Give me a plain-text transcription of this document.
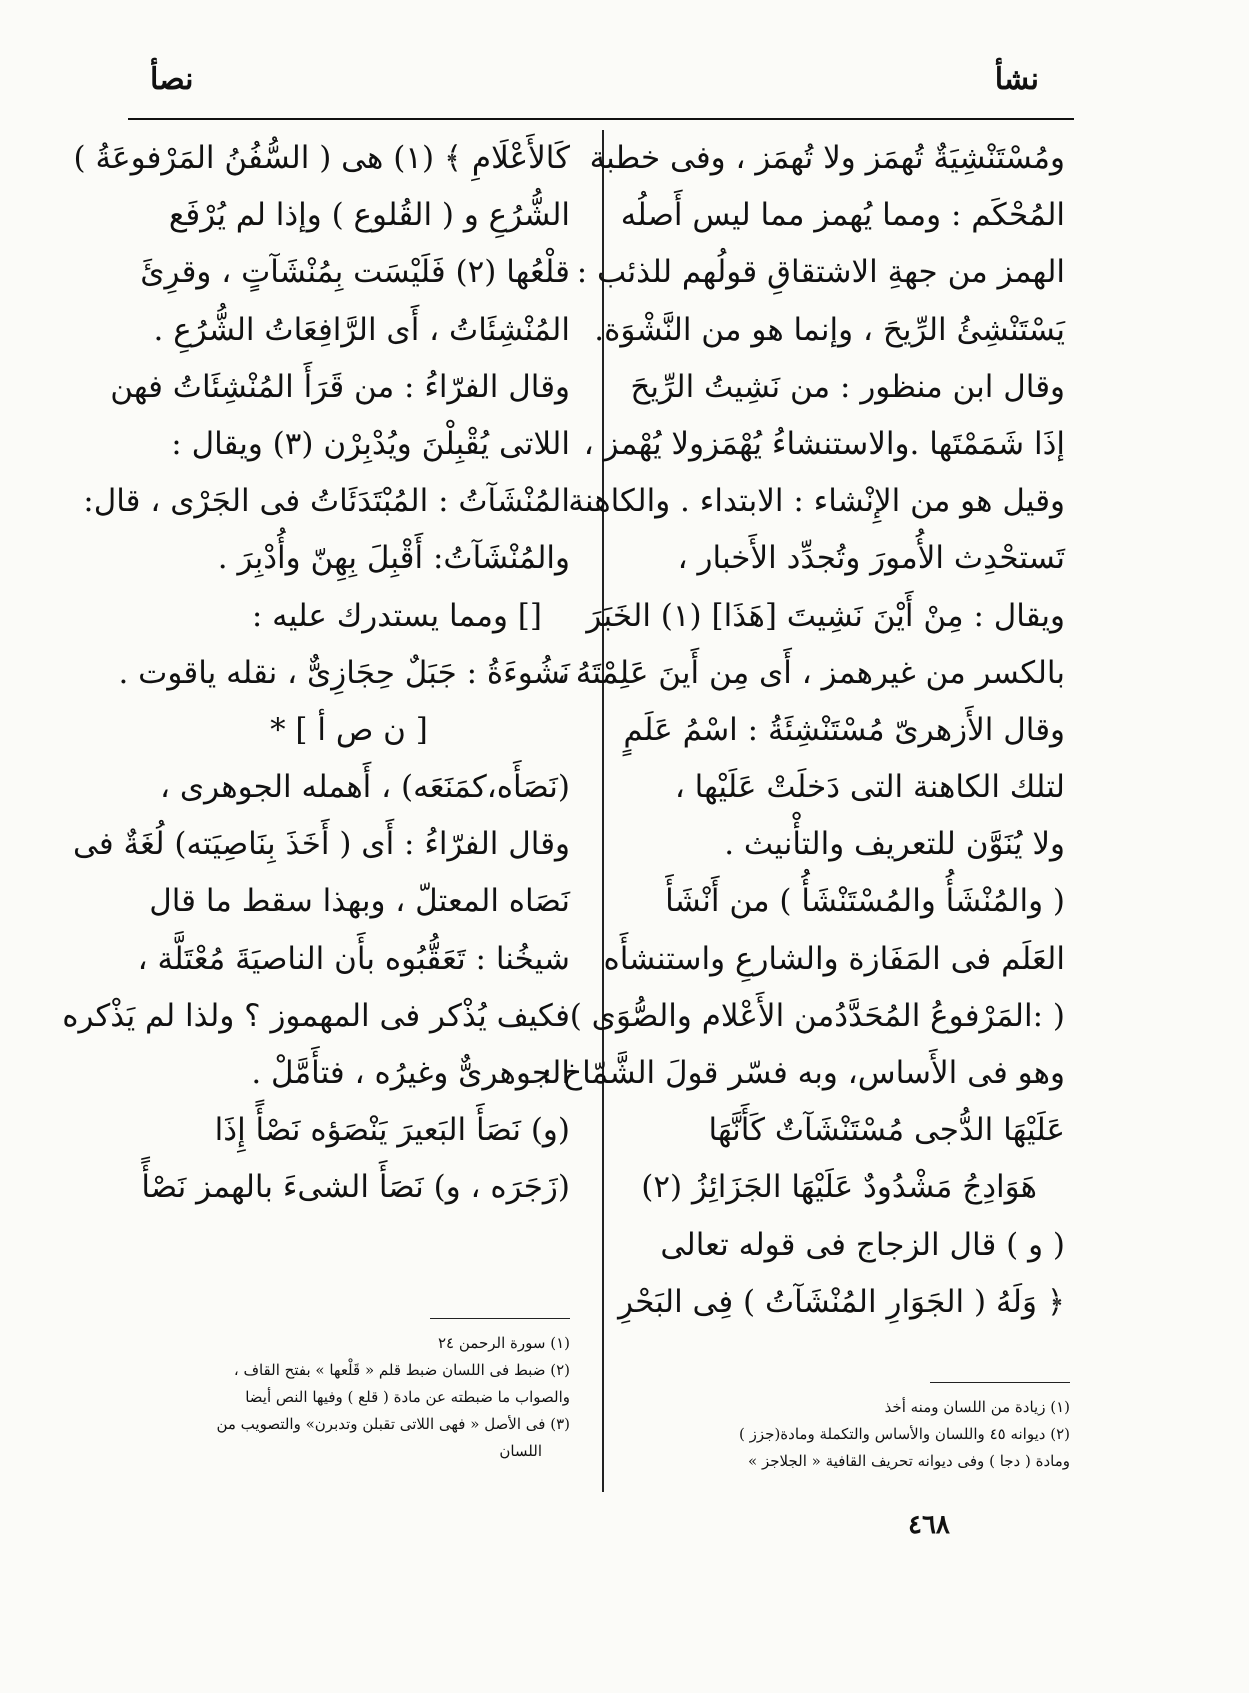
نشأ
نصأ
ومُسْتَنْشِيَةٌ تُهمَز ولا تُهمَز ، وفى خطبة
المُحْكَم : ومما يُهمز مما ليس أَصلُه
الهمز من جهةِ الاشتقاقِ قولُهم للذئب :
يَسْتَنْشِئُ الرِّيحَ ، وإنما هو من النَّشْوَة.
وقال ابن منظور : من نَشِيتُ الرِّيحَ
إذَا شَمَمْتَها .والاستنشاءُ يُهْمَزولا يُهْمز ،
وقيل هو من الإِنْشاء : الابتداء . والكاهنة
تَستحْدِث الأُمورَ وتُجدِّد الأَخبار ،
ويقال : مِنْ أَيْنَ نَشِيتَ [هَذَا] (١) الخَبَرَ
بالكسر من غيرهمز ، أَى مِن أَينَ عَلِمْتَهُ ،
وقال الأَزهرىّ مُسْتَنْشِئَةُ : اسْمُ عَلَمٍ
لتلك الكاهنة التى دَخلَتْ عَلَيْها ،
ولا يُنَوَّن للتعريف والتأْنيث .
( والمُنْشَأُ والمُسْتَنْشَأُ ) من أَنْشَأَ
العَلَم فى المَفَازة والشارعِ واستنشأَه
( :المَرْفوعُ المُحَدَّدُمن الأَعْلام والصُّوَى )
وهو فى الأَساس، وبه فسّر قولَ الشَّمّاخ :
عَلَيْهَا الدُّجى مُسْتَنْشَآتٌ كَأَنَّهَا
هَوَادِجُ مَشْدُودٌ عَلَيْهَا الجَزَائِزُ (٢)
( و ) قال الزجاج فى قوله تعالى
﴿ وَلَهُ ( الجَوَارِ المُنْشَآتُ ) فِى البَحْرِ
كَالأَعْلَامِ ﴾ (١) هى ( السُّفُنُ المَرْفوعَةُ )
الشُّرُعِ و ( القُلوع ) وإذا لم يُرْفَع
قلْعُها (٢) فَلَيْسَت بِمُنْشَآتٍ ، وقرِئَ
المُنْشِئَاتُ ، أَى الرَّافِعَاتُ الشُّرُعِ .
وقال الفرّاءُ : من قَرَأَ المُنْشِئَاتُ فهن
اللاتى يُقْبِلْنَ ويُدْبِرْن (٣) ويقال :
المُنْشَآتُ : المُبْتَدَئَاتُ فى الجَرْى ، قال:
والمُنْشَآتُ: أَقْبِلَ بِهِنّ وأُدْبِرَ .
[] ومما يستدرك عليه :
نَشُوءَةُ : جَبَلٌ حِجَازِىٌّ ، نقله ياقوت .
[ ن ص أ ] *
(نَصَأَه،كمَنَعَه) ، أَهمله الجوهرى ،
وقال الفرّاءُ : أَى ( أَخَذَ بِنَاصِيَته) لُغَةٌ فى
نَصَاه المعتلّ ، وبهذا سقط ما قال
شيخُنا : تَعَقُّبُوه بأَن الناصيَةَ مُعْتَلَّة ،
فكيف يُذْكر فى المهموز ؟ ولذا لم يَذْكره
الجوهرىٌّ وغيرُه ، فتأَمَّلْ .
(و) نَصَأَ البَعيرَ يَنْصَؤه نَصْأً إِذَا
(زَجَرَه ، و) نَصَأَ الشىءَ بالهمز نَصْأً
(١) زيادة من اللسان ومنه أخذ
(٢) ديوانه ٤٥ واللسان والأساس والتكملة ومادة(جزز )
ومادة ( دجا ) وفى ديوانه تحريف القافية « الجلاجز »
(١) سورة الرحمن ٢٤
(٢) ضبط فى اللسان ضبط قلم « قَلْعها » بفتح القاف ،
والصواب ما ضبطته عن مادة ( قلع ) وفيها النص أيضا
(٣) فى الأصل « فهى اللاتى تقبلن وتدبرن» والتصويب من
اللسان
٤٦٨
